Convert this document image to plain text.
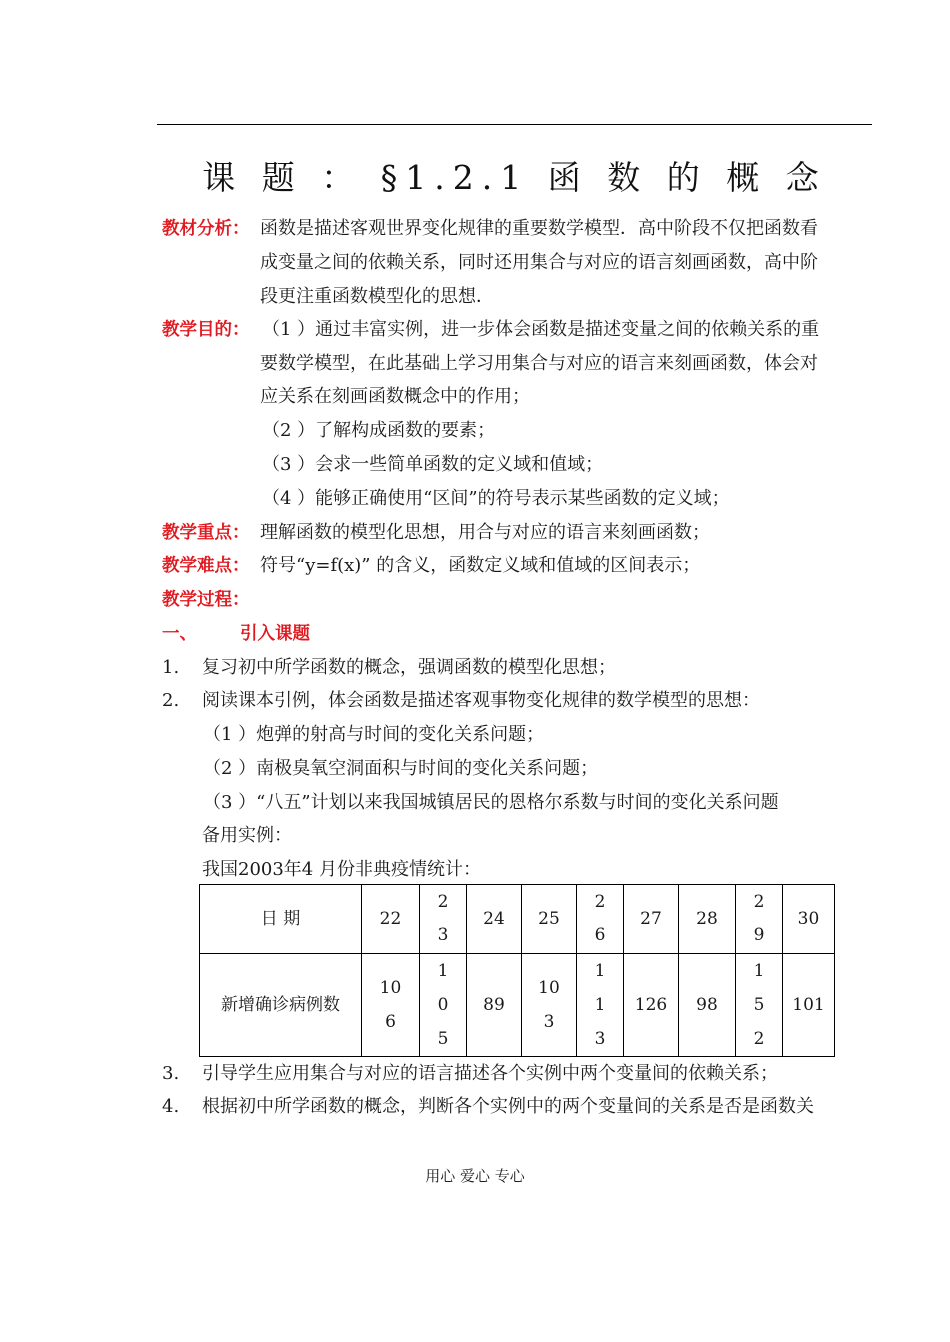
课 题 ： §1.2.1 函 数 的 概 念
教材分析： 函数是描述客观世界变化规律的重要数学模型．高中阶段不仅把函数看
成变量之间的依赖关系，同时还用集合与对应的语言刻画函数，高中阶
段更注重函数模型化的思想．
教学目的： （1 ）通过丰富实例，进一步体会函数是描述变量之间的依赖关系的重
要数学模型，在此基础上学习用集合与对应的语言来刻画函数，体会对
应关系在刻画函数概念中的作用；
（2 ）了解构成函数的要素；
（3 ）会求一些简单函数的定义域和值域；
（4 ）能够正确使用“区间”的符号表示某些函数的定义域；
教学重点： 理解函数的模型化思想，用合与对应的语言来刻画函数；
教学难点： 符号“y=f(x)” 的含义，函数定义域和值域的区间表示；
教学过程：
一、 引入课题
1. 复习初中所学函数的概念，强调函数的模型化思想；
2. 阅读课本引例，体会函数是描述客观事物变化规律的数学模型的思想：
（1 ）炮弹的射高与时间的变化关系问题；
（2 ）南极臭氧空洞面积与时间的变化关系问题；
（3 ）“八五”计划以来我国城镇居民的恩格尔系数与时间的变化关系问题
备用实例：
我国2003年4 月份非典疫情统计：
日 期	22	23	24	25	26	27	28	29	30

新增确诊病例数	106	105	89	103	113	126	98	152	101
3. 引导学生应用集合与对应的语言描述各个实例中两个变量间的依赖关系；
4. 根据初中所学函数的概念，判断各个实例中的两个变量间的关系是否是函数关
用心 爱心 专心
